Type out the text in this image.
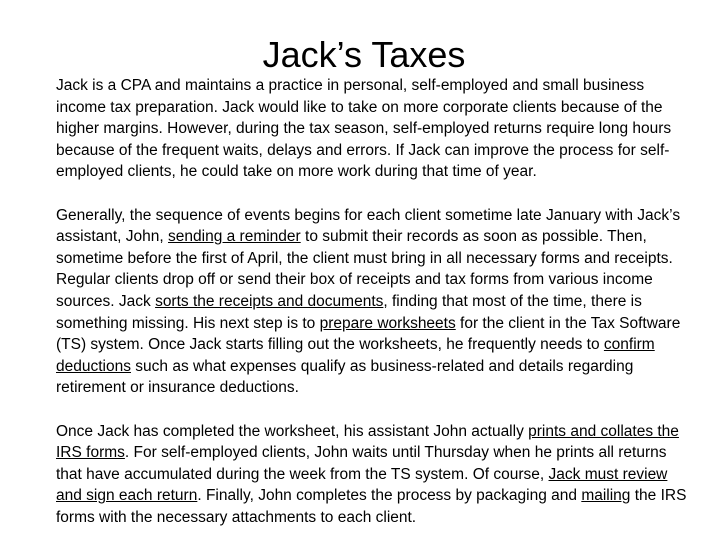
Jack’s Taxes

Jack is a CPA and maintains a practice in personal, self-employed and small business income tax preparation. Jack would like to take on more corporate clients because of the higher margins. However, during the tax season, self-employed returns require long hours because of the frequent waits, delays and errors. If Jack can improve the process for self-employed clients, he could take on more work during that time of year.

Generally, the sequence of events begins for each client sometime late January with Jack’s assistant, John, sending a reminder to submit their records as soon as possible. Then, sometime before the first of April, the client must bring in all necessary forms and receipts. Regular clients drop off or send their box of receipts and tax forms from various income sources. Jack sorts the receipts and documents, finding that most of the time, there is something missing. His next step is to prepare worksheets for the client in the Tax Software (TS) system. Once Jack starts filling out the worksheets, he frequently needs to confirm deductions such as what expenses qualify as business-related and details regarding retirement or insurance deductions.

Once Jack has completed the worksheet, his assistant John actually prints and collates the IRS forms. For self-employed clients, John waits until Thursday when he prints all returns that have accumulated during the week from the TS system. Of course, Jack must review and sign each return. Finally, John completes the process by packaging and mailing the IRS forms with the necessary attachments to each client.
